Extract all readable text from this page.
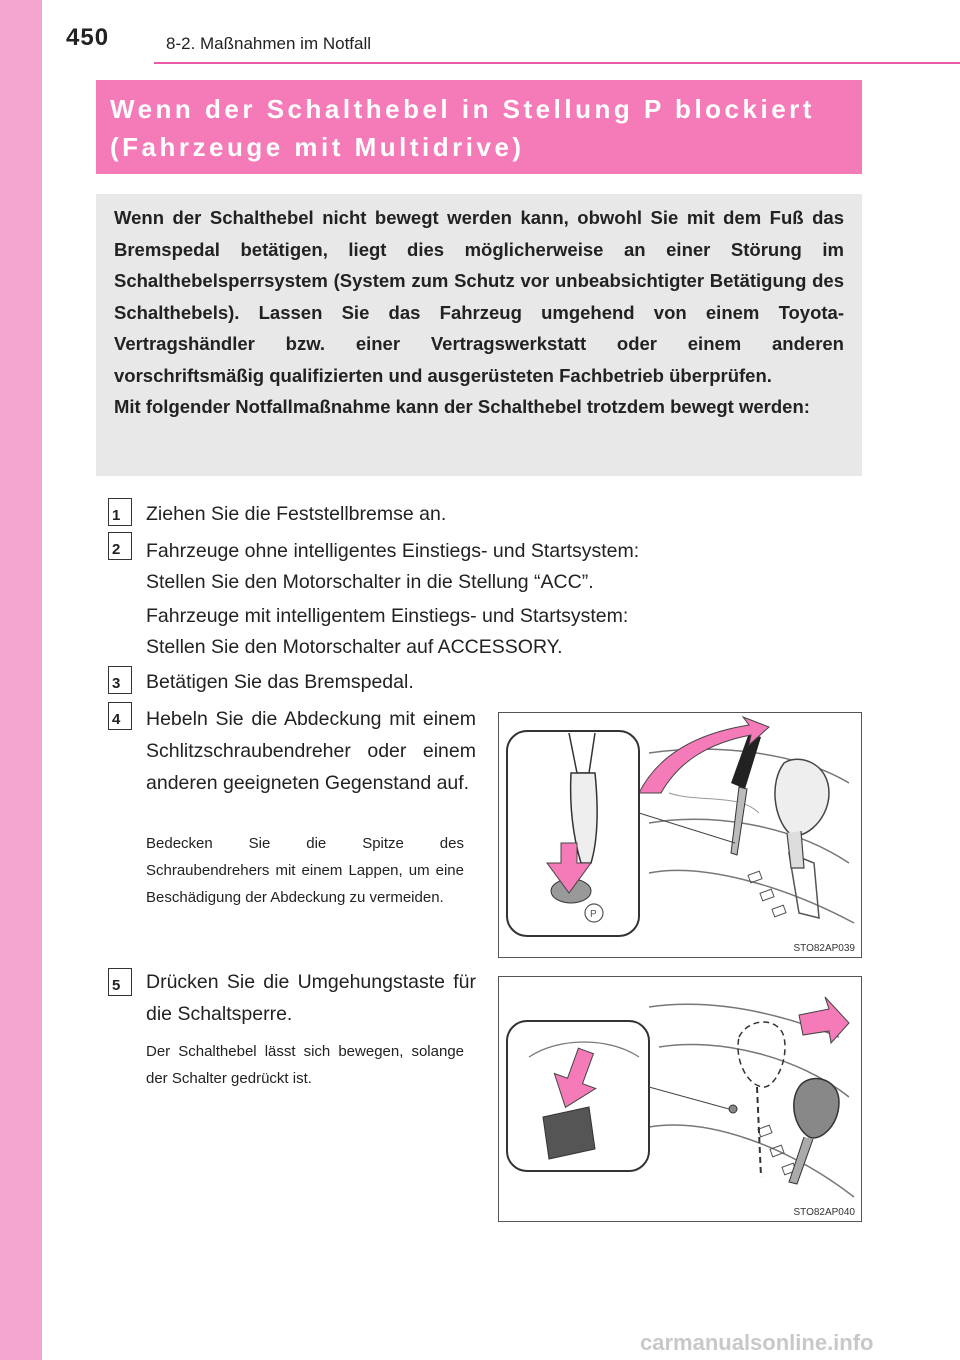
450	8-2. Maßnahmen im Notfall
Wenn der Schalthebel in Stellung P blockiert
(Fahrzeuge mit Multidrive)

Wenn der Schalthebel nicht bewegt werden kann, obwohl Sie mit dem Fuß das Bremspedal betätigen, liegt dies möglicherweise an einer Störung im Schalthebelsperrsystem (System zum Schutz vor unbeabsichtigter Betätigung des Schalthebels). Lassen Sie das Fahrzeug umgehend von einem Toyota-Vertragshändler bzw. einer Vertragswerkstatt oder einem anderen vorschriftsmäßig qualifizierten und ausgerüsteten Fachbetrieb überprüfen.

Mit folgender Notfallmaßnahme kann der Schalthebel trotzdem bewegt werden:

1	Ziehen Sie die Feststellbremse an.
2	Fahrzeuge ohne intelligentes Einstiegs- und Startsystem:
Stellen Sie den Motorschalter in die Stellung “ACC”.
Fahrzeuge mit intelligentem Einstiegs- und Startsystem:
Stellen Sie den Motorschalter auf ACCESSORY.
3	Betätigen Sie das Bremspedal.
4	Hebeln Sie die Abdeckung mit einem Schlitzschraubendreher oder einem anderen geeigneten Gegenstand auf.
Bedecken Sie die Spitze des Schraubendrehers mit einem Lappen, um eine Beschädigung der Abdeckung zu vermeiden.
P
STO82AP039
5	Drücken Sie die Umgehungstaste für die Schaltsperre.
Der Schalthebel lässt sich bewegen, solange der Schalter gedrückt ist.
STO82AP040
carmanualsonline.info
